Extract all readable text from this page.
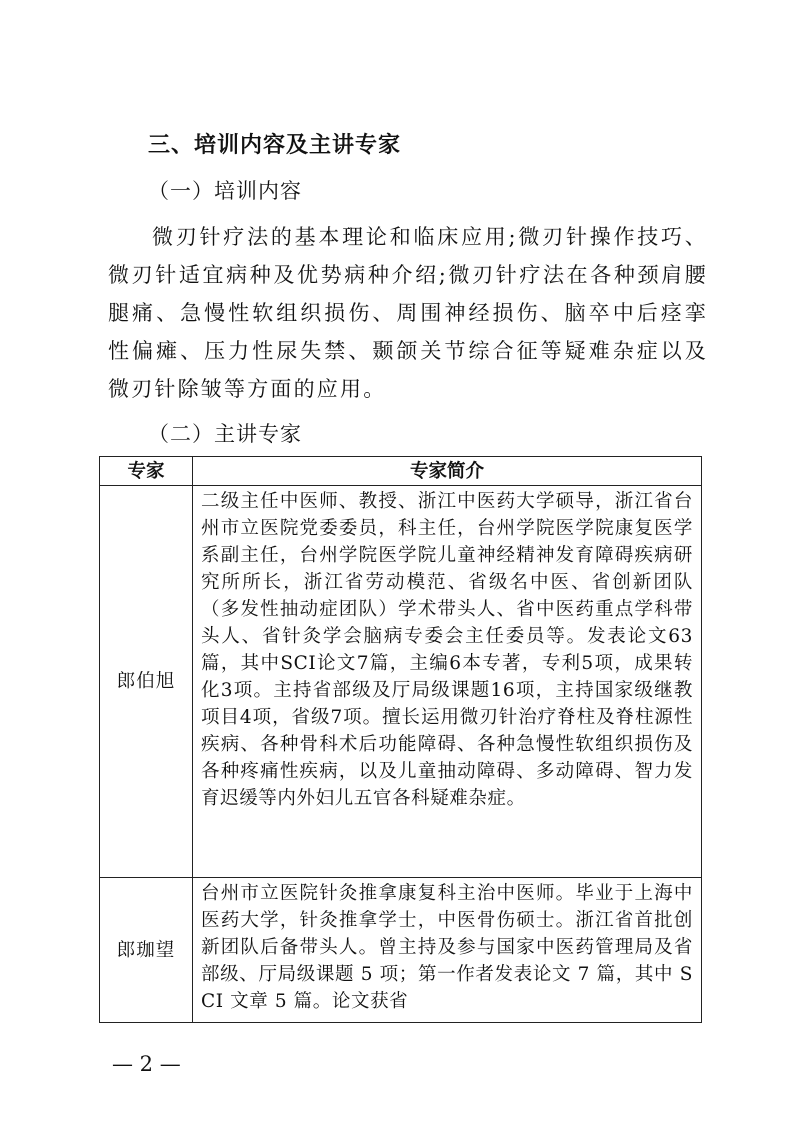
三、培训内容及主讲专家
（一）培训内容
微刃针疗法的基本理论和临床应用;微刃针操作技巧、微刃针适宜病种及优势病种介绍;微刃针疗法在各种颈肩腰腿痛、急慢性软组织损伤、周围神经损伤、脑卒中后痉挛性偏瘫、压力性尿失禁、颞颌关节综合征等疑难杂症以及微刃针除皱等方面的应用。
（二）主讲专家
专家	专家简介
郎伯旭	二级主任中医师、教授、浙江中医药大学硕导，浙江省台州市立医院党委委员，科主任，台州学院医学院康复医学系副主任，台州学院医学院儿童神经精神发育障碍疾病研究所所长，浙江省劳动模范、省级名中医、省创新团队（多发性抽动症团队）学术带头人、省中医药重点学科带头人、省针灸学会脑病专委会主任委员等。发表论文63篇，其中SCI论文7篇，主编6本专著，专利5项，成果转化3项。主持省部级及厅局级课题16项，主持国家级继教项目4项，省级7项。擅长运用微刃针治疗脊柱及脊柱源性疾病、各种骨科术后功能障碍、各种急慢性软组织损伤及各种疼痛性疾病，以及儿童抽动障碍、多动障碍、智力发育迟缓等内外妇儿五官各科疑难杂症。
郎珈望	台州市立医院针灸推拿康复科主治中医师。毕业于上海中医药大学，针灸推拿学士，中医骨伤硕士。浙江省首批创新团队后备带头人。曾主持及参与国家中医药管理局及省部级、厅局级课题 5 项；第一作者发表论文 7 篇，其中 SCI 文章 5 篇。论文获省
— 2 —
